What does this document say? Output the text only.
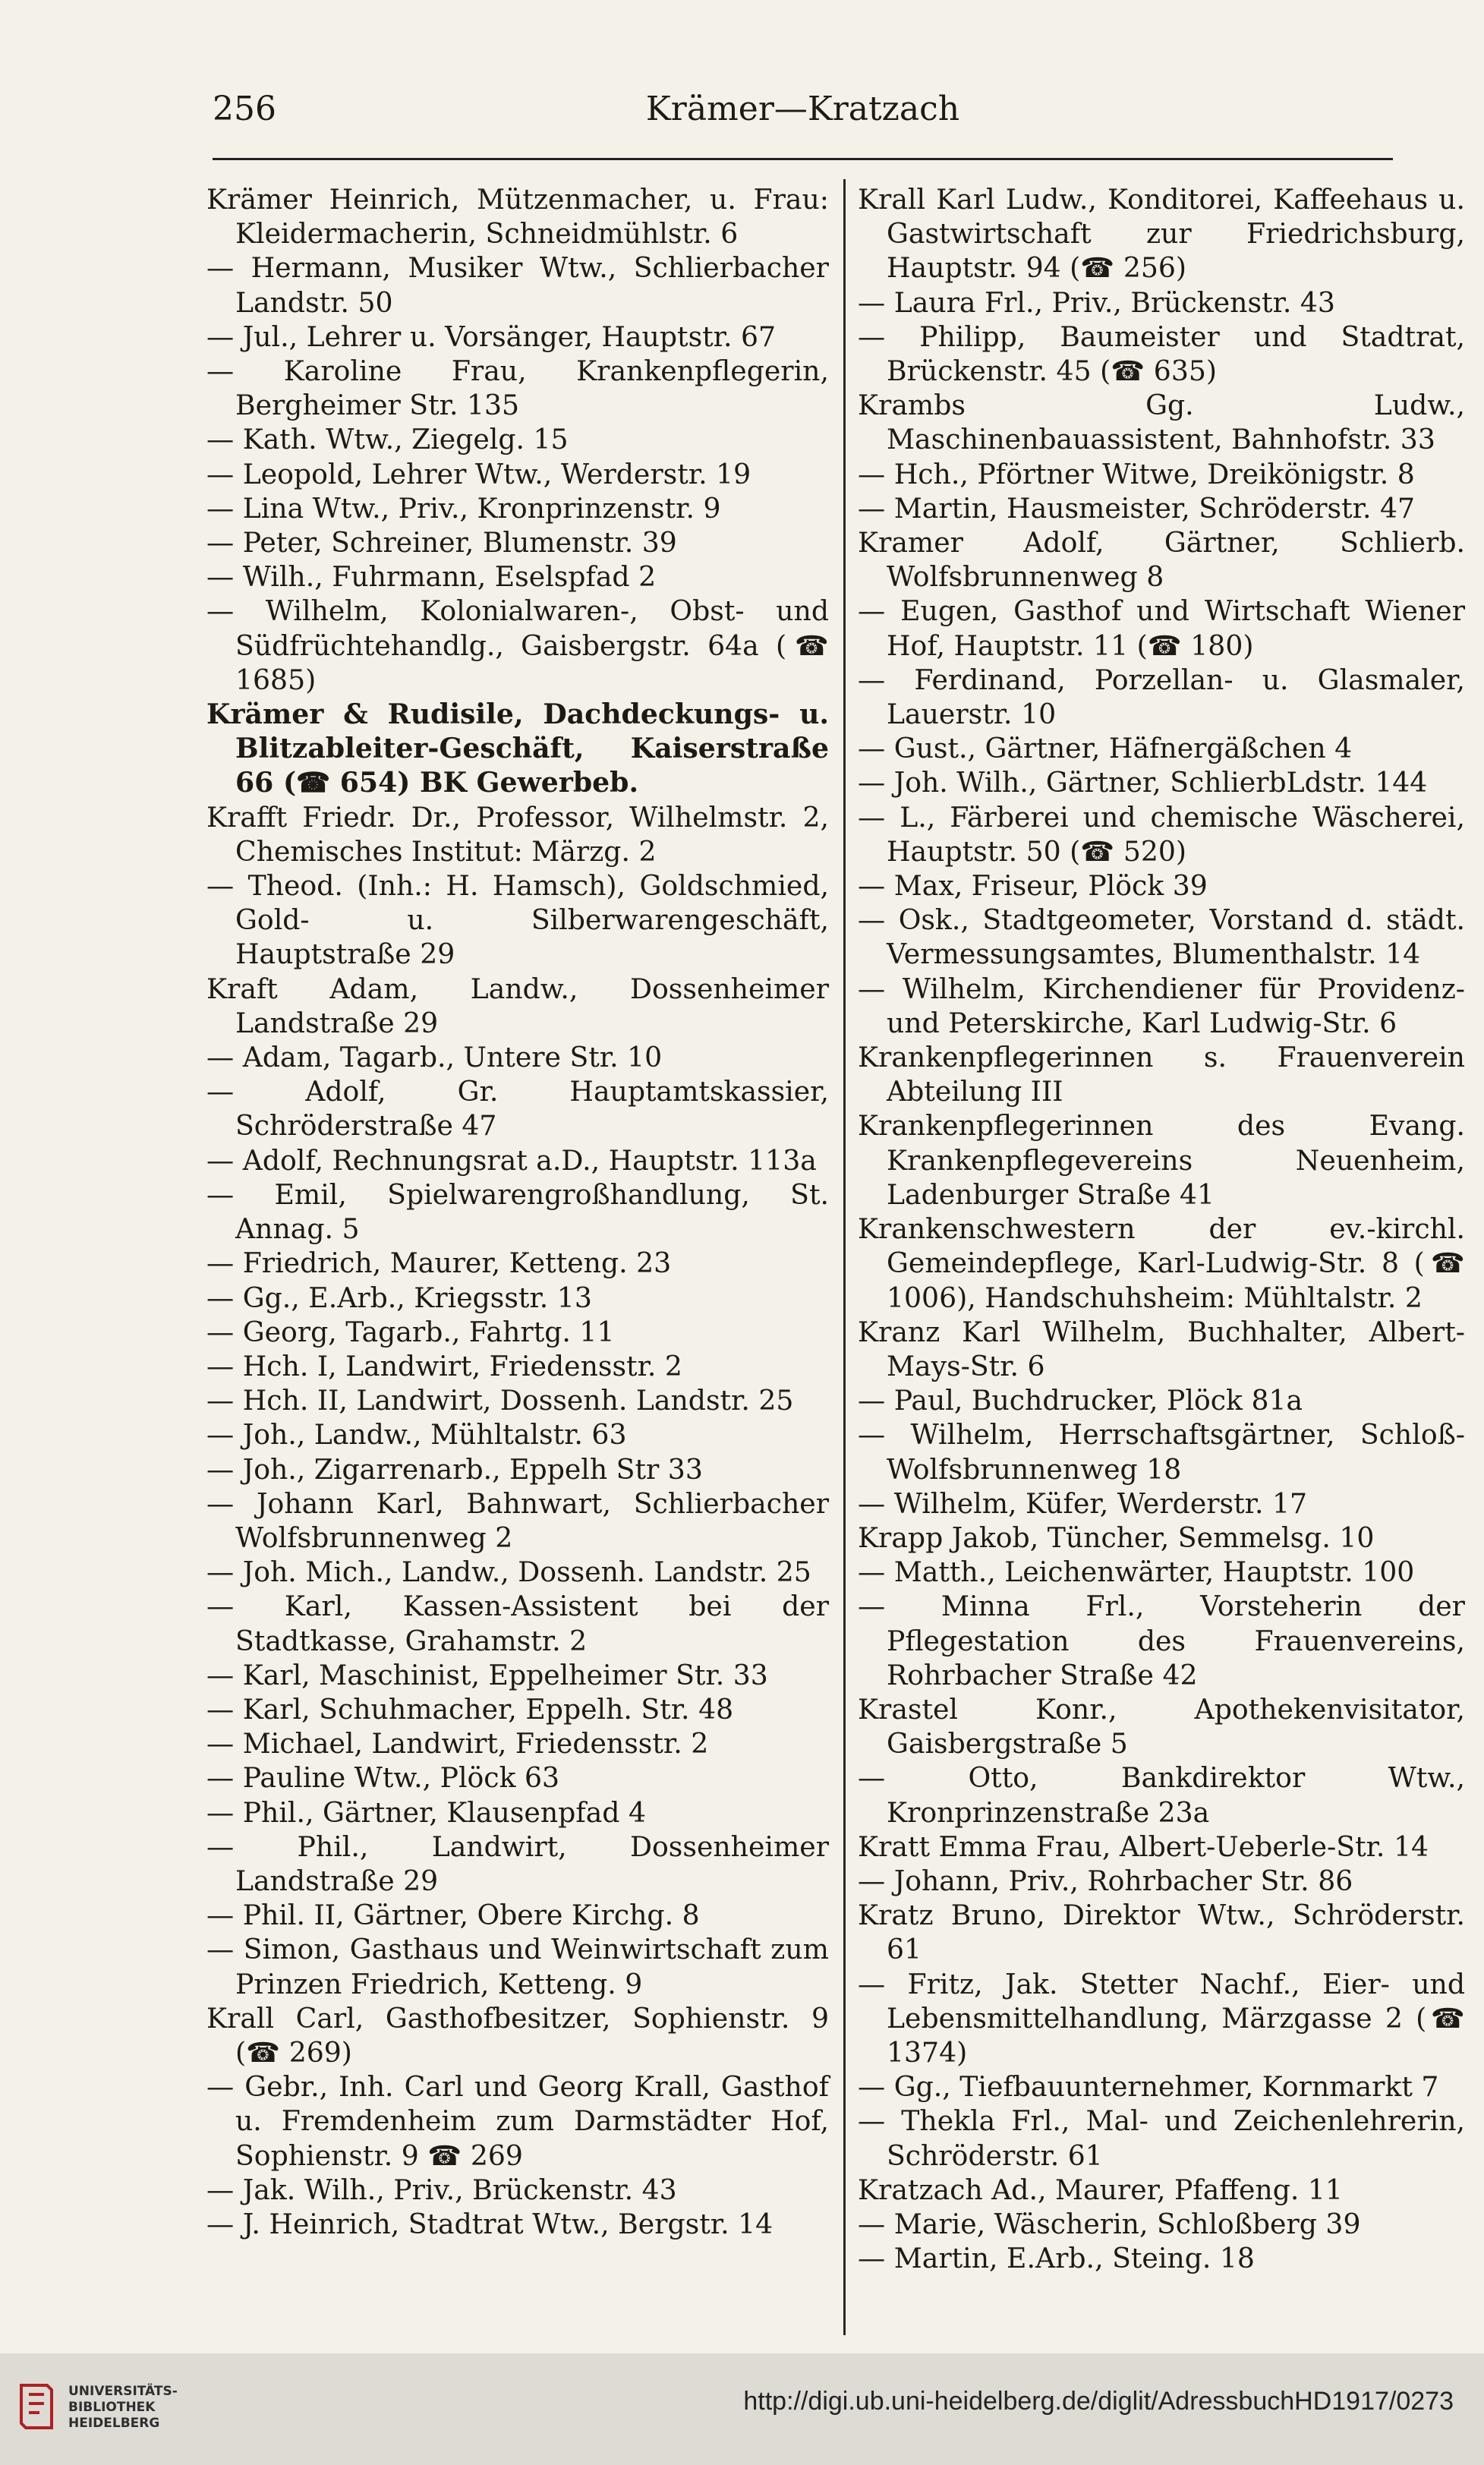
256	Krämer—Kratzach

Krämer Heinrich, Mützenmacher, u. Frau: Kleidermacherin, Schneidmühlstr. 6

— Hermann, Musiker Wtw., Schlierbacher Landstr. 50

— Jul., Lehrer u. Vorsänger, Hauptstr. 67

— Karoline Frau, Krankenpflegerin, Bergheimer Str. 135

— Kath. Wtw., Ziegelg. 15

— Leopold, Lehrer Wtw., Werderstr. 19

— Lina Wtw., Priv., Kronprinzenstr. 9

— Peter, Schreiner, Blumenstr. 39

— Wilh., Fuhrmann, Eselspfad 2

— Wilhelm, Kolonialwaren-, Obst- und Südfrüchtehandlg., Gaisbergstr. 64a (☎ 1685)

Krämer & Rudisile, Dachdeckungs- u. Blitzableiter-Geschäft, Kaiserstraße 66 (☎ 654) BK Gewerbeb.

Krafft Friedr. Dr., Professor, Wilhelmstr. 2, Chemisches Institut: Märzg. 2

— Theod. (Inh.: H. Hamsch), Goldschmied, Gold- u. Silberwarengeschäft, Hauptstraße 29

Kraft Adam, Landw., Dossenheimer Landstraße 29

— Adam, Tagarb., Untere Str. 10

— Adolf, Gr. Hauptamtskassier, Schröderstraße 47

— Adolf, Rechnungsrat a.D., Hauptstr. 113a

— Emil, Spielwarengroßhandlung, St. Annag. 5

— Friedrich, Maurer, Ketteng. 23

— Gg., E.Arb., Kriegsstr. 13

— Georg, Tagarb., Fahrtg. 11

— Hch. I, Landwirt, Friedensstr. 2

— Hch. II, Landwirt, Dossenh. Landstr. 25

— Joh., Landw., Mühltalstr. 63

— Joh., Zigarrenarb., Eppelh Str 33

— Johann Karl, Bahnwart, Schlierbacher Wolfsbrunnenweg 2

— Joh. Mich., Landw., Dossenh. Landstr. 25

— Karl, Kassen-Assistent bei der Stadtkasse, Grahamstr. 2

— Karl, Maschinist, Eppelheimer Str. 33

— Karl, Schuhmacher, Eppelh. Str. 48

— Michael, Landwirt, Friedensstr. 2

— Pauline Wtw., Plöck 63

— Phil., Gärtner, Klausenpfad 4

— Phil., Landwirt, Dossenheimer Landstraße 29

— Phil. II, Gärtner, Obere Kirchg. 8

— Simon, Gasthaus und Weinwirtschaft zum Prinzen Friedrich, Ketteng. 9

Krall Carl, Gasthofbesitzer, Sophienstr. 9 (☎ 269)

— Gebr., Inh. Carl und Georg Krall, Gasthof u. Fremdenheim zum Darmstädter Hof, Sophienstr. 9 ☎ 269

— Jak. Wilh., Priv., Brückenstr. 43

— J. Heinrich, Stadtrat Wtw., Bergstr. 14

Krall Karl Ludw., Konditorei, Kaffeehaus u. Gastwirtschaft zur Friedrichsburg, Hauptstr. 94 (☎ 256)

— Laura Frl., Priv., Brückenstr. 43

— Philipp, Baumeister und Stadtrat, Brückenstr. 45 (☎ 635)

Krambs Gg. Ludw., Maschinenbauassistent, Bahnhofstr. 33

— Hch., Pförtner Witwe, Dreikönigstr. 8

— Martin, Hausmeister, Schröderstr. 47

Kramer Adolf, Gärtner, Schlierb. Wolfsbrunnenweg 8

— Eugen, Gasthof und Wirtschaft Wiener Hof, Hauptstr. 11 (☎ 180)

— Ferdinand, Porzellan- u. Glasmaler, Lauerstr. 10

— Gust., Gärtner, Häfnergäßchen 4

— Joh. Wilh., Gärtner, SchlierbLdstr. 144

— L., Färberei und chemische Wäscherei, Hauptstr. 50 (☎ 520)

— Max, Friseur, Plöck 39

— Osk., Stadtgeometer, Vorstand d. städt. Vermessungsamtes, Blumenthalstr. 14

— Wilhelm, Kirchendiener für Providenz- und Peterskirche, Karl Ludwig-Str. 6

Krankenpflegerinnen s. Frauenverein Abteilung III

Krankenpflegerinnen des Evang. Krankenpflegevereins Neuenheim, Ladenburger Straße 41

Krankenschwestern der ev.-kirchl. Gemeindepflege, Karl-Ludwig-Str. 8 (☎ 1006), Handschuhsheim: Mühltalstr. 2

Kranz Karl Wilhelm, Buchhalter, Albert-Mays-Str. 6

— Paul, Buchdrucker, Plöck 81a

— Wilhelm, Herrschaftsgärtner, Schloß-Wolfsbrunnenweg 18

— Wilhelm, Küfer, Werderstr. 17

Krapp Jakob, Tüncher, Semmelsg. 10

— Matth., Leichenwärter, Hauptstr. 100

— Minna Frl., Vorsteherin der Pflegestation des Frauenvereins, Rohrbacher Straße 42

Krastel Konr., Apothekenvisitator, Gaisbergstraße 5

— Otto, Bankdirektor Wtw., Kronprinzenstraße 23a

Kratt Emma Frau, Albert-Ueberle-Str. 14

— Johann, Priv., Rohrbacher Str. 86

Kratz Bruno, Direktor Wtw., Schröderstr. 61

— Fritz, Jak. Stetter Nachf., Eier- und Lebensmittelhandlung, Märzgasse 2 (☎ 1374)

— Gg., Tiefbauunternehmer, Kornmarkt 7

— Thekla Frl., Mal- und Zeichenlehrerin, Schröderstr. 61

Kratzach Ad., Maurer, Pfaffeng. 11

— Marie, Wäscherin, Schloßberg 39

— Martin, E.Arb., Steing. 18

UNIVERSITÄTS-
BIBLIOTHEK
HEIDELBERG
http://digi.ub.uni-heidelberg.de/diglit/AdressbuchHD1917/0273
